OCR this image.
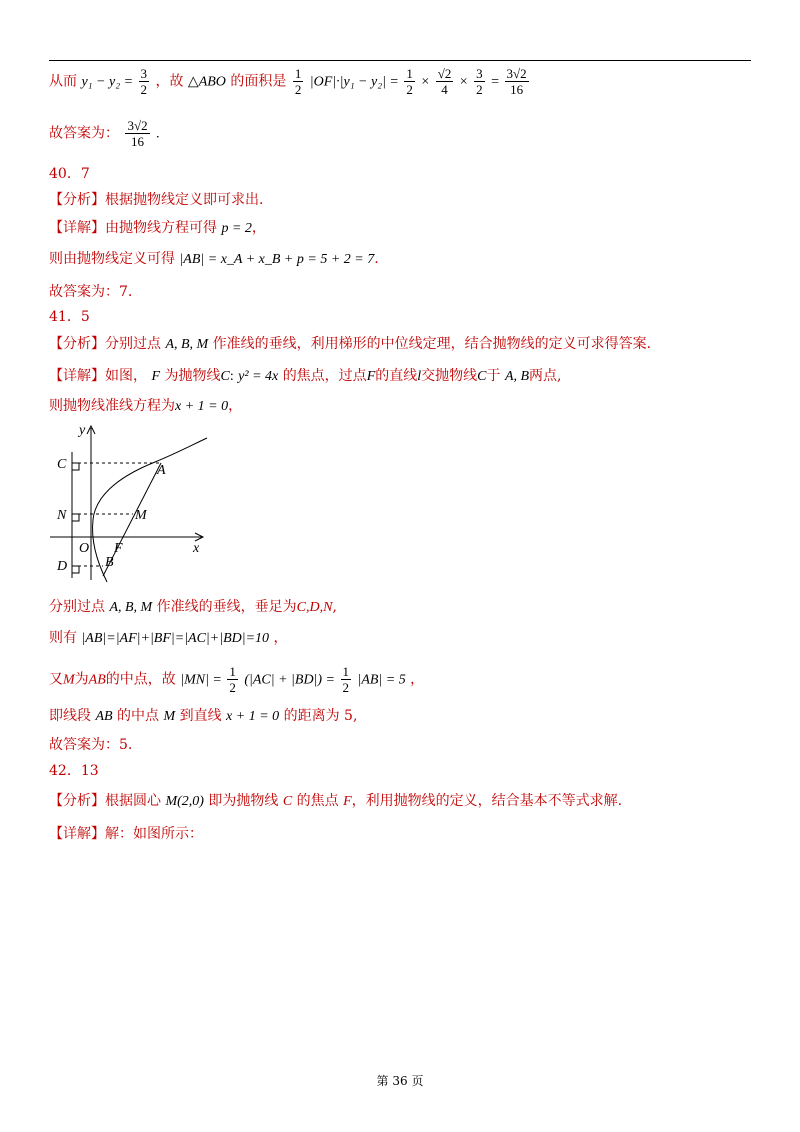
从而 $y_1 - y_2 = \frac{3}{2}$ ，故 △ABO 的面积是 $\frac{1}{2} |OF|\cdot|y_1 - y_2| = \frac{1}{2} \times \frac{√2}{4} \times \frac{3}{2} = \frac{3√2}{16}$
故答案为： $\frac{3√2}{16}$ .
40．7
【分析】根据抛物线定义即可求出.
【详解】由抛物线方程可得 p = 2，
则由抛物线定义可得 |AB| = x_A + x_B + p = 5 + 2 = 7.
故答案为：7.
41．5
【分析】分别过点 A, B, M 作准线的垂线，利用梯形的中位线定理，结合抛物线的定义可求得答案.
【详解】如图， F 为抛物线C: y² = 4x 的焦点，过点F的直线l交抛物线C于 A, B两点,
则抛物线准线方程为x + 1 = 0，
y
x
C	A
N	M
O F
D	B
分别过点 A, B, M 作准线的垂线，垂足为C,D,N,
则有 |AB|=|AF|+|BF|=|AC|+|BD|=10 ，
又M为AB的中点，故 $|MN| = \frac{1}{2} (|AC| + |BD|) = \frac{1}{2} |AB| = 5$ ，
即线段 AB 的中点 M 到直线 x + 1 = 0 的距离为 5,
故答案为：5.
42．13
【分析】根据圆心 M(2,0) 即为抛物线 C 的焦点 F，利用抛物线的定义，结合基本不等式求解.
【详解】解：如图所示：
第 36 页
